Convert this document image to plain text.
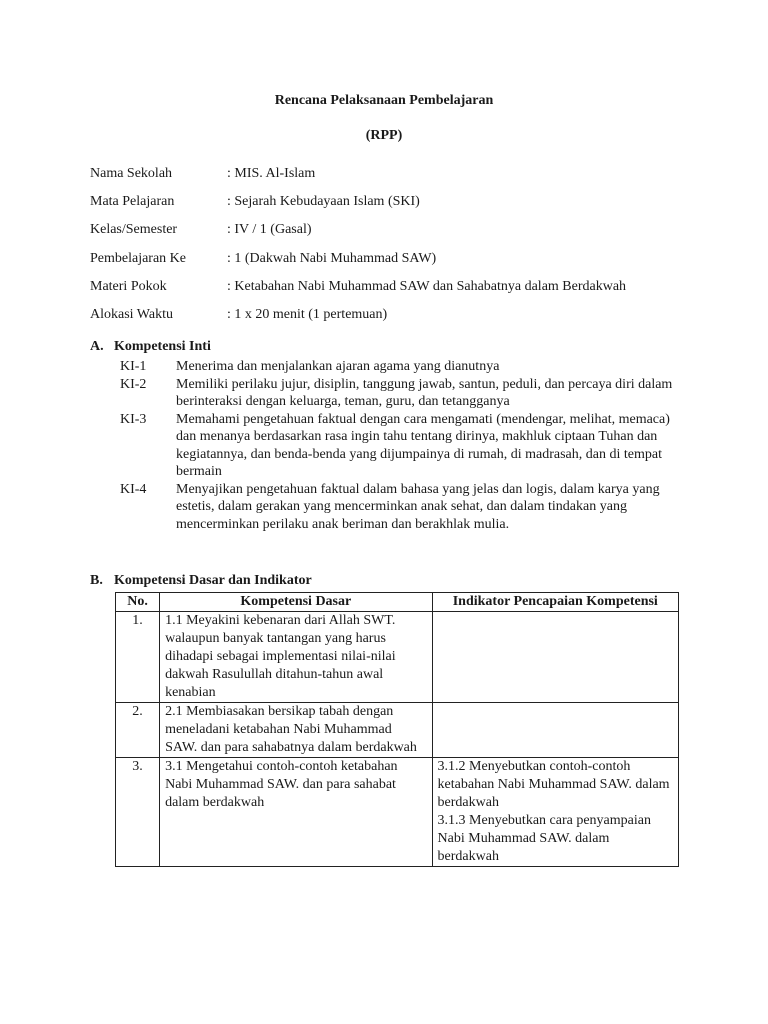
Rencana Pelaksanaan Pembelajaran
(RPP)
Nama Sekolah	: MIS. Al-Islam
Mata Pelajaran	: Sejarah Kebudayaan Islam (SKI)
Kelas/Semester	: IV / 1 (Gasal)
Pembelajaran Ke	: 1 (Dakwah Nabi Muhammad SAW)
Materi Pokok	: Ketabahan Nabi Muhammad SAW dan Sahabatnya dalam Berdakwah
Alokasi Waktu	: 1 x 20 menit (1 pertemuan)
A. Kompetensi Inti
KI-1	Menerima dan menjalankan ajaran agama yang dianutnya
KI-2	Memiliki perilaku jujur, disiplin, tanggung jawab, santun, peduli, dan percaya diri dalam berinteraksi dengan keluarga, teman, guru, dan tetangganya
KI-3	Memahami pengetahuan faktual dengan cara mengamati (mendengar, melihat, memaca) dan menanya berdasarkan rasa ingin tahu tentang dirinya, makhluk ciptaan Tuhan dan kegiatannya, dan benda-benda yang dijumpainya di rumah, di madrasah, dan di tempat bermain
KI-4	Menyajikan pengetahuan faktual dalam bahasa yang jelas dan logis, dalam karya yang estetis, dalam gerakan yang mencerminkan anak sehat, dan dalam tindakan yang mencerminkan perilaku anak beriman dan berakhlak mulia.
B. Kompetensi Dasar dan Indikator
No.	Kompetensi Dasar	Indikator Pencapaian Kompetensi
1.	1.1 Meyakini kebenaran dari Allah SWT. walaupun banyak tantangan yang harus dihadapi sebagai implementasi nilai-nilai dakwah Rasulullah ditahun-tahun awal kenabian	
2.	2.1 Membiasakan bersikap tabah dengan meneladani ketabahan Nabi Muhammad SAW. dan para sahabatnya dalam berdakwah	
3.	3.1 Mengetahui contoh-contoh ketabahan Nabi Muhammad SAW. dan para sahabat dalam berdakwah	3.1.2 Menyebutkan contoh-contoh ketabahan Nabi Muhammad SAW. dalam berdakwah
3.1.3 Menyebutkan cara penyampaian Nabi Muhammad SAW. dalam berdakwah
